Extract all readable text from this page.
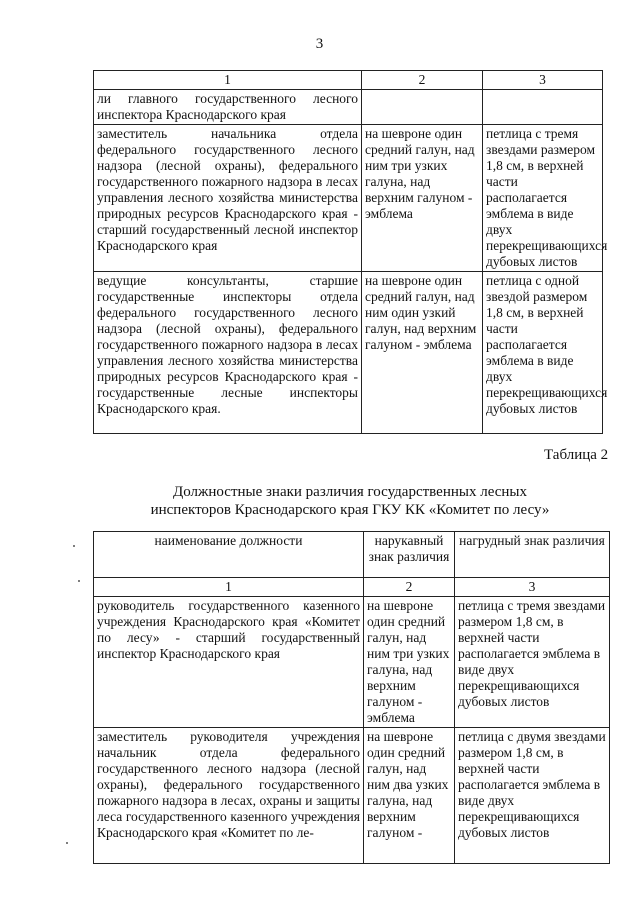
3
1	2	3
ли главного государственного лесного инспектора Краснодарского края		
заместитель начальника отдела федерального государственного лесного надзора (лесной охраны), федерального государственного пожарного надзора в лесах управления лесного хозяйства министерства природных ресурсов Краснодарского края - старший государственный лесной инспектор Краснодарского края	на шевроне один средний галун, над ним три узких галуна, над верхним галуном - эмблема	петлица с тремя звездами размером 1,8 см, в верхней части располагается эмблема в виде двух перекрещивающихся дубовых листов
ведущие консультанты, старшие государственные инспекторы отдела федерального государственного лесного надзора (лесной охраны), федерального государственного пожарного надзора в лесах управления лесного хозяйства министерства природных ресурсов Краснодарского края - государственные лесные инспекторы Краснодарского края.	на шевроне один средний галун, над ним один узкий галун, над верхним галуном - эмблема	петлица с одной звездой размером 1,8 см, в верхней части располагается эмблема в виде двух перекрещивающихся дубовых листов
Таблица 2
Должностные знаки различия государственных лесных
инспекторов Краснодарского края ГКУ КК «Комитет по лесу»
наименование должности	нарукавный знак различия	нагрудный знак различия
1	2	3
руководитель государственного казенного учреждения Краснодарского края «Комитет по лесу» - старший государственный инспектор Краснодарского края	на шевроне один средний галун, над ним три узких галуна, над верхним галуном - эмблема	петлица с тремя звездами размером 1,8 см, в верхней части располагается эмблема в виде двух перекрещивающихся дубовых листов
заместитель руководителя учреждения начальник отдела федерального государственного лесного надзора (лесной охраны), федерального государственного пожарного надзора в лесах, охраны и защиты леса государственного казенного учреждения Краснодарского края «Комитет по ле-	на шевроне один средний галун, над ним два узких галуна, над верхним галуном -	петлица с двумя звездами размером 1,8 см, в верхней части располагается эмблема в виде двух перекрещивающихся дубовых листов
